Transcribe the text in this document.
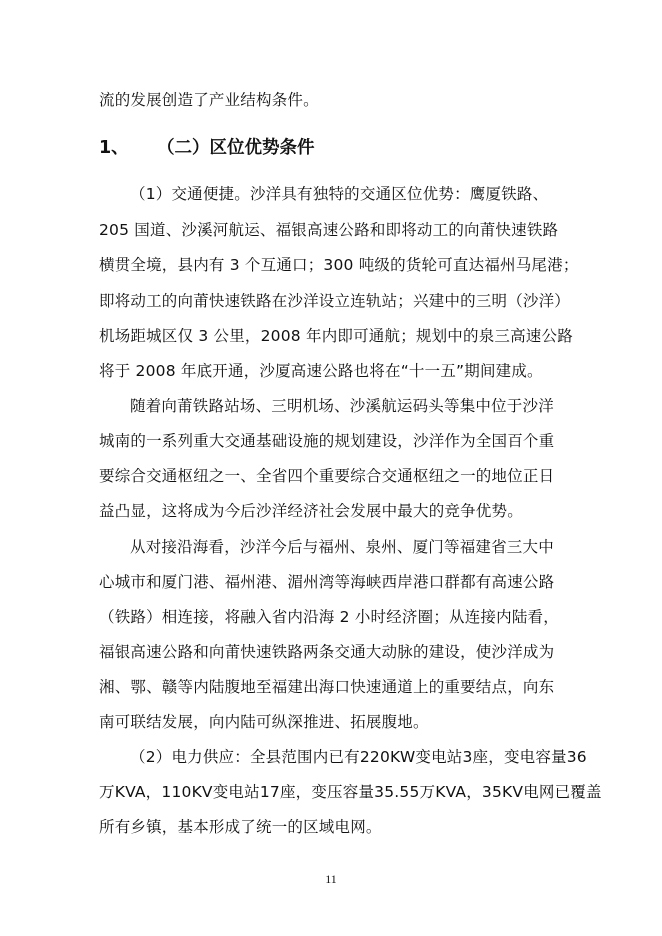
流的发展创造了产业结构条件。
1、 （二）区位优势条件
（1）交通便捷。沙洋具有独特的交通区位优势：鹰厦铁路、
205 国道、沙溪河航运、福银高速公路和即将动工的向莆快速铁路
横贯全境，县内有 3 个互通口；300 吨级的货轮可直达福州马尾港；
即将动工的向莆快速铁路在沙洋设立连轨站；兴建中的三明（沙洋）
机场距城区仅 3 公里，2008 年内即可通航；规划中的泉三高速公路
将于 2008 年底开通，沙厦高速公路也将在“十一五”期间建成。
随着向莆铁路站场、三明机场、沙溪航运码头等集中位于沙洋
城南的一系列重大交通基础设施的规划建设，沙洋作为全国百个重
要综合交通枢纽之一、全省四个重要综合交通枢纽之一的地位正日
益凸显，这将成为今后沙洋经济社会发展中最大的竞争优势。
从对接沿海看，沙洋今后与福州、泉州、厦门等福建省三大中
心城市和厦门港、福州港、湄州湾等海峡西岸港口群都有高速公路
（铁路）相连接，将融入省内沿海 2 小时经济圈；从连接内陆看，
福银高速公路和向莆快速铁路两条交通大动脉的建设，使沙洋成为
湘、鄂、赣等内陆腹地至福建出海口快速通道上的重要结点，向东
南可联结发展，向内陆可纵深推进、拓展腹地。
（2）电力供应：全县范围内已有220KW变电站3座，变电容量36
万KVA，110KV变电站17座，变压容量35.55万KVA，35KV电网已覆盖
所有乡镇，基本形成了统一的区域电网。
11
